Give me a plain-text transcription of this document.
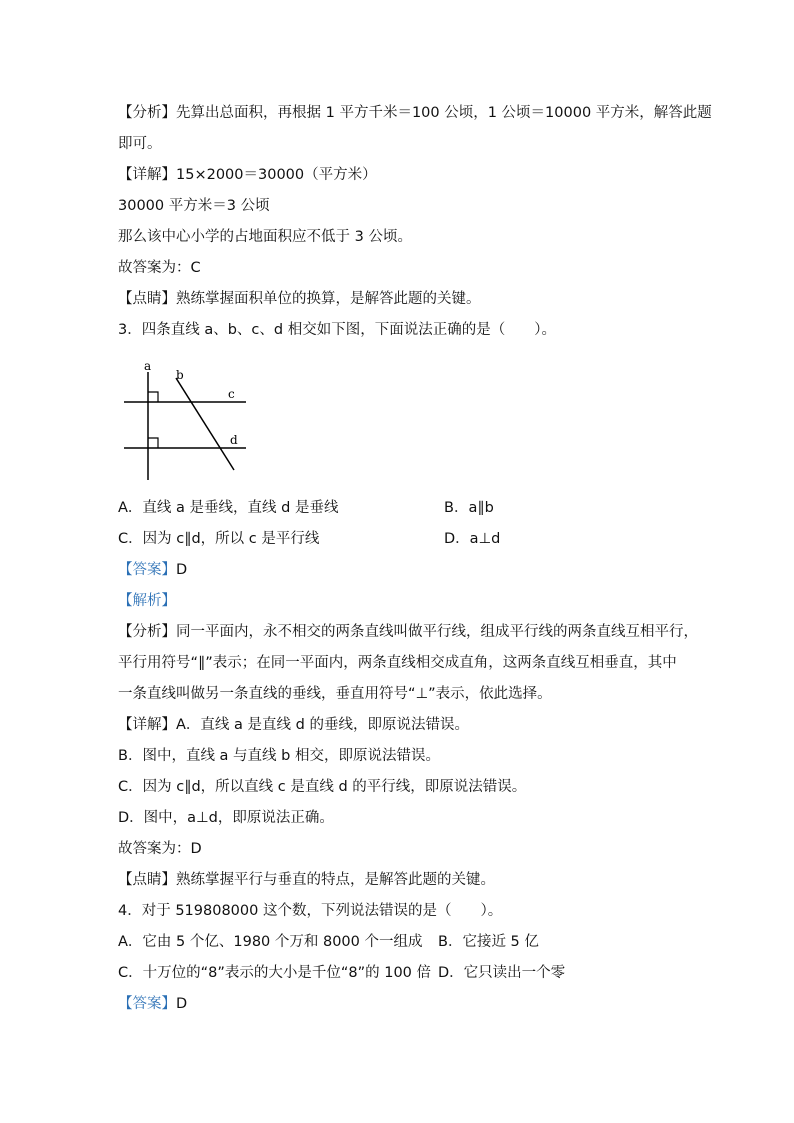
【分析】先算出总面积，再根据 1 平方千米＝100 公顷，1 公顷＝10000 平方米，解答此题
即可。
【详解】15×2000＝30000（平方米）
30000 平方米＝3 公顷
那么该中心小学的占地面积应不低于 3 公顷。
故答案为：C
【点睛】熟练掌握面积单位的换算，是解答此题的关键。
3．四条直线 a、b、c、d 相交如下图，下面说法正确的是（　　）。
a
b
c
d
A．直线 a 是垂线，直线 d 是垂线	B．a∥b
C．因为 c∥d，所以 c 是平行线	D．a⊥d
【答案】D
【解析】
【分析】同一平面内，永不相交的两条直线叫做平行线，组成平行线的两条直线互相平行，
平行用符号“∥”表示；在同一平面内，两条直线相交成直角，这两条直线互相垂直，其中
一条直线叫做另一条直线的垂线，垂直用符号“⊥”表示，依此选择。
【详解】A．直线 a 是直线 d 的垂线，即原说法错误。
B．图中，直线 a 与直线 b 相交，即原说法错误。
C．因为 c∥d，所以直线 c 是直线 d 的平行线，即原说法错误。
D．图中，a⊥d，即原说法正确。
故答案为：D
【点睛】熟练掌握平行与垂直的特点，是解答此题的关键。
4．对于 519808000 这个数，下列说法错误的是（　　）。
A．它由 5 个亿、1980 个万和 8000 个一组成 B．它接近 5 亿
C．十万位的“8”表示的大小是千位“8”的 100 倍 D．它只读出一个零
【答案】D
